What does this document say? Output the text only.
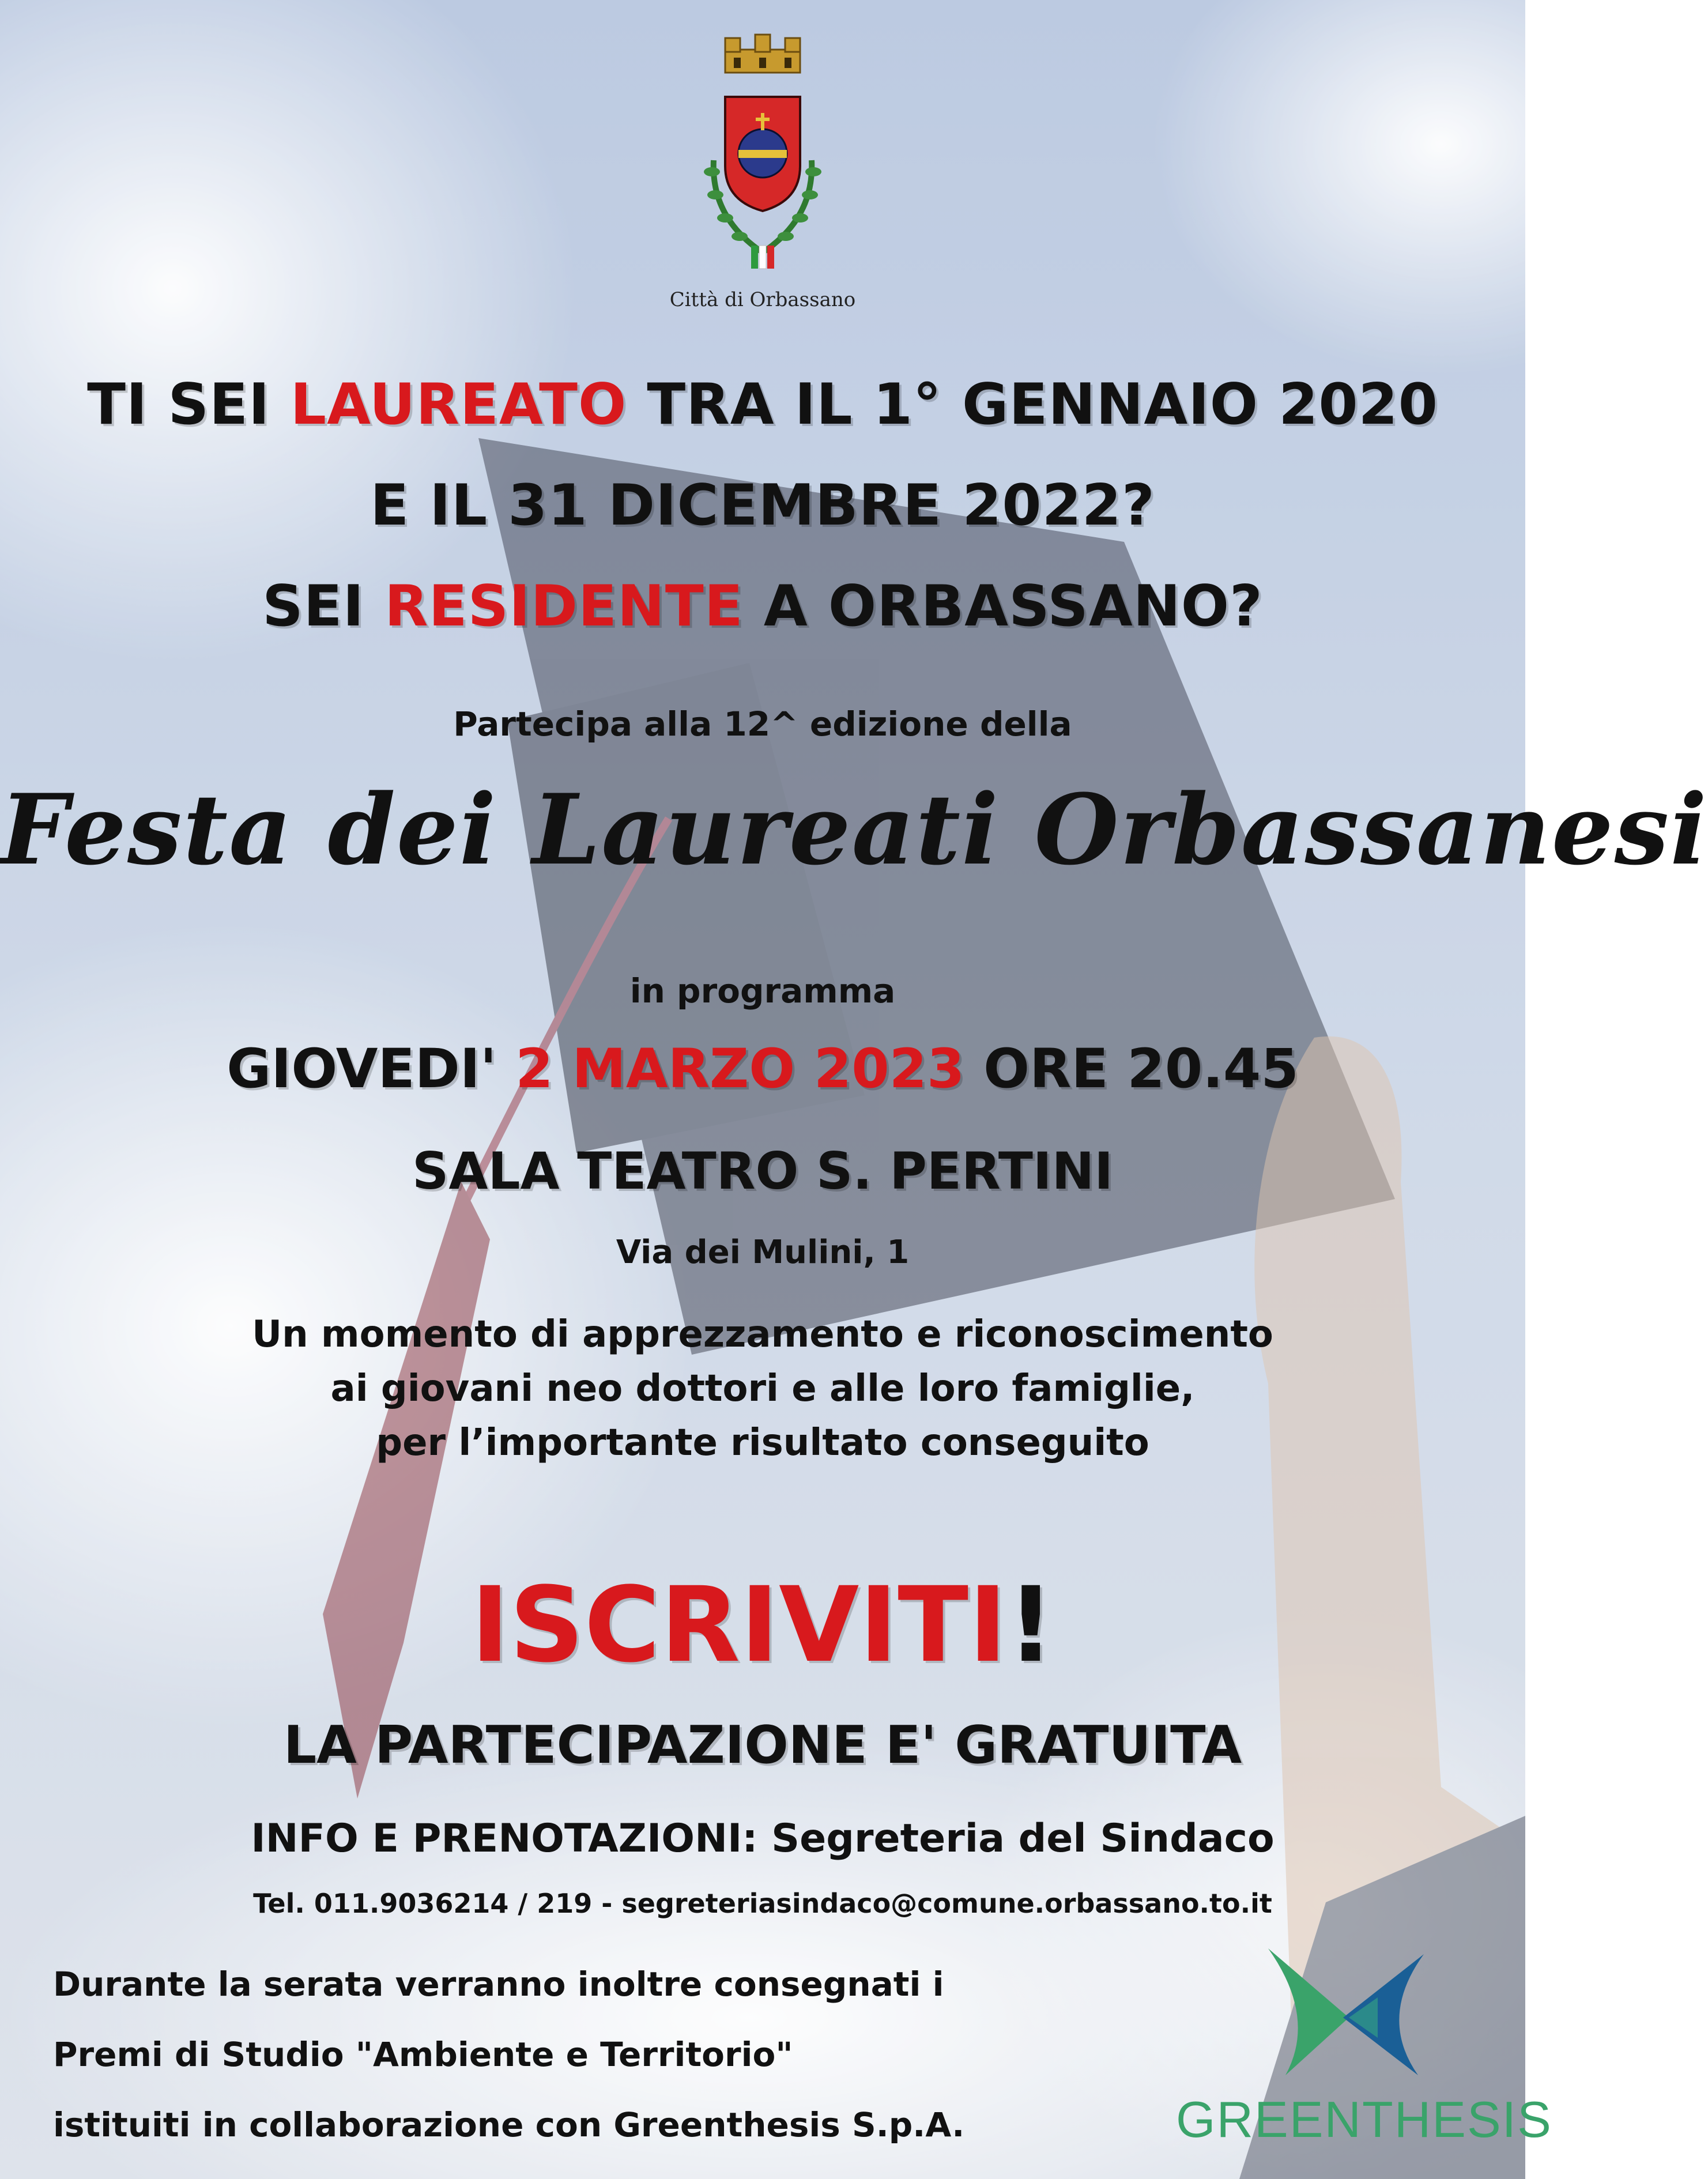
Città di Orbassano
TI SEI LAUREATO TRA IL 1° GENNAIO 2020
E IL 31 DICEMBRE 2022?
SEI RESIDENTE A ORBASSANO?
Partecipa alla 12^ edizione della
Festa dei Laureati Orbassanesi
in programma
GIOVEDI' 2 MARZO 2023 ORE 20.45
SALA TEATRO S. PERTINI
Via dei Mulini, 1
Un momento di apprezzamento e riconoscimento
ai giovani neo dottori e alle loro famiglie,
per l’importante risultato conseguito
ISCRIVITI!
LA PARTECIPAZIONE E' GRATUITA
INFO E PRENOTAZIONI: Segreteria del Sindaco
Tel. 011.9036214 / 219 - segreteriasindaco@comune.orbassano.to.it
Durante la serata verranno inoltre consegnati i
Premi di Studio "Ambiente e Territorio"
istituiti in collaborazione con Greenthesis S.p.A.	GREENTHESIS
